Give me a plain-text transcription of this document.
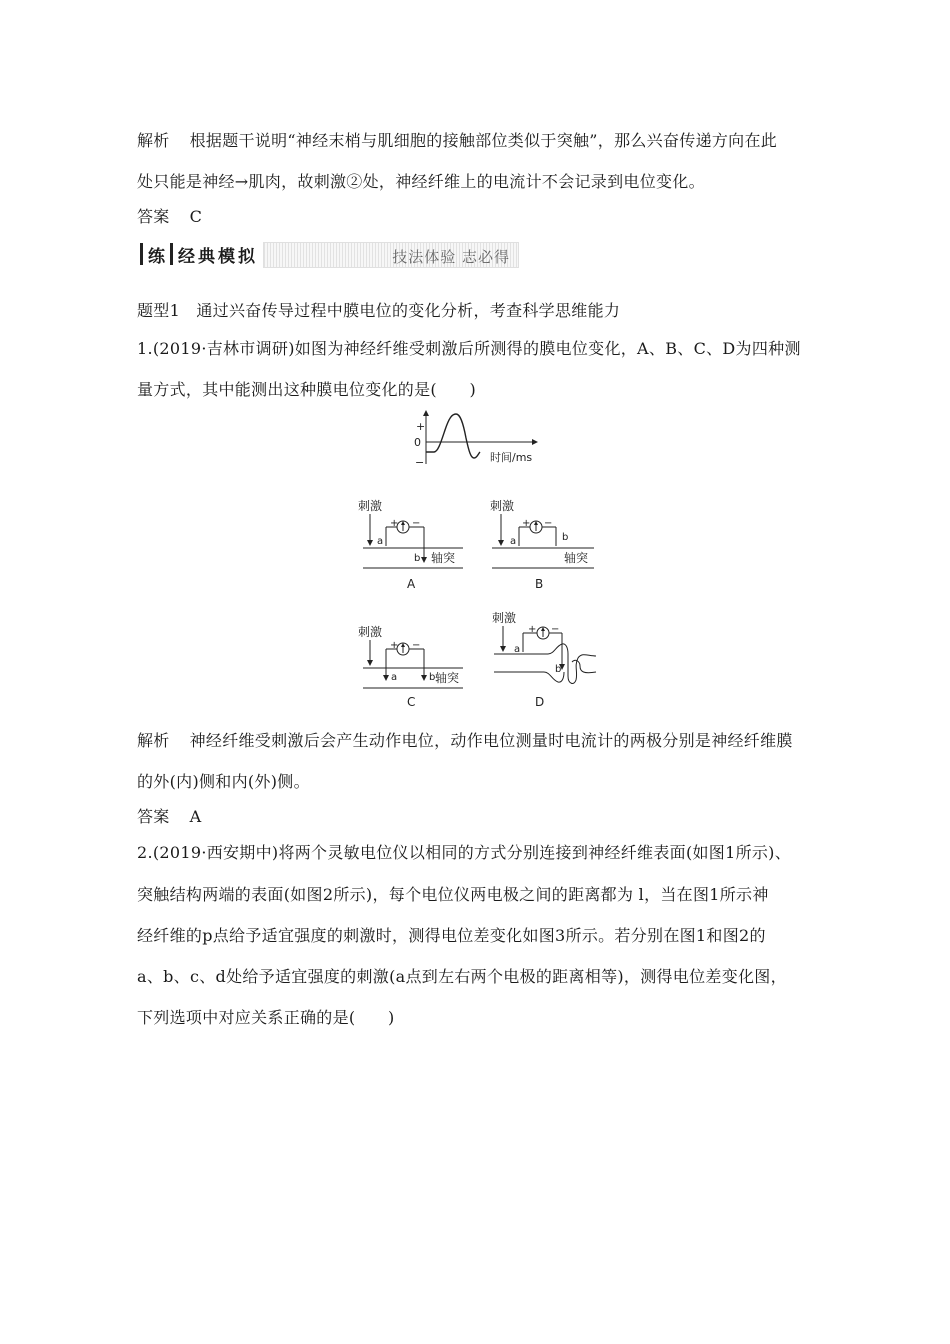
解析 根据题干说明“神经末梢与肌细胞的接触部位类似于突触”，那么兴奋传递方向在此
处只能是神经→肌肉，故刺激②处，神经纤维上的电流计不会记录到电位变化。
答案 C
练 经典模拟	技法体验 志必得
题型1　通过兴奋传导过程中膜电位的变化分析，考查科学思维能力
1.(2019·吉林市调研)如图为神经纤维受刺激后所测得的膜电位变化，A、B、C、D为四种测
量方式，其中能测出这种膜电位变化的是(　　)
+
0
−	时间/ms
刺激
+ −
a
b 轴突
A
刺激
+ −
a	b
轴突
B
刺激
+ −
a	b 轴突
C
刺激
+ −
a
b
D
解析 神经纤维受刺激后会产生动作电位，动作电位测量时电流计的两极分别是神经纤维膜
的外(内)侧和内(外)侧。
答案 A
2.(2019·西安期中)将两个灵敏电位仪以相同的方式分别连接到神经纤维表面(如图1所示)、
突触结构两端的表面(如图2所示)，每个电位仪两电极之间的距离都为 l，当在图1所示神
经纤维的p点给予适宜强度的刺激时，测得电位差变化如图3所示。若分别在图1和图2的
a、b、c、d处给予适宜强度的刺激(a点到左右两个电极的距离相等)，测得电位差变化图，
下列选项中对应关系正确的是(　　)
